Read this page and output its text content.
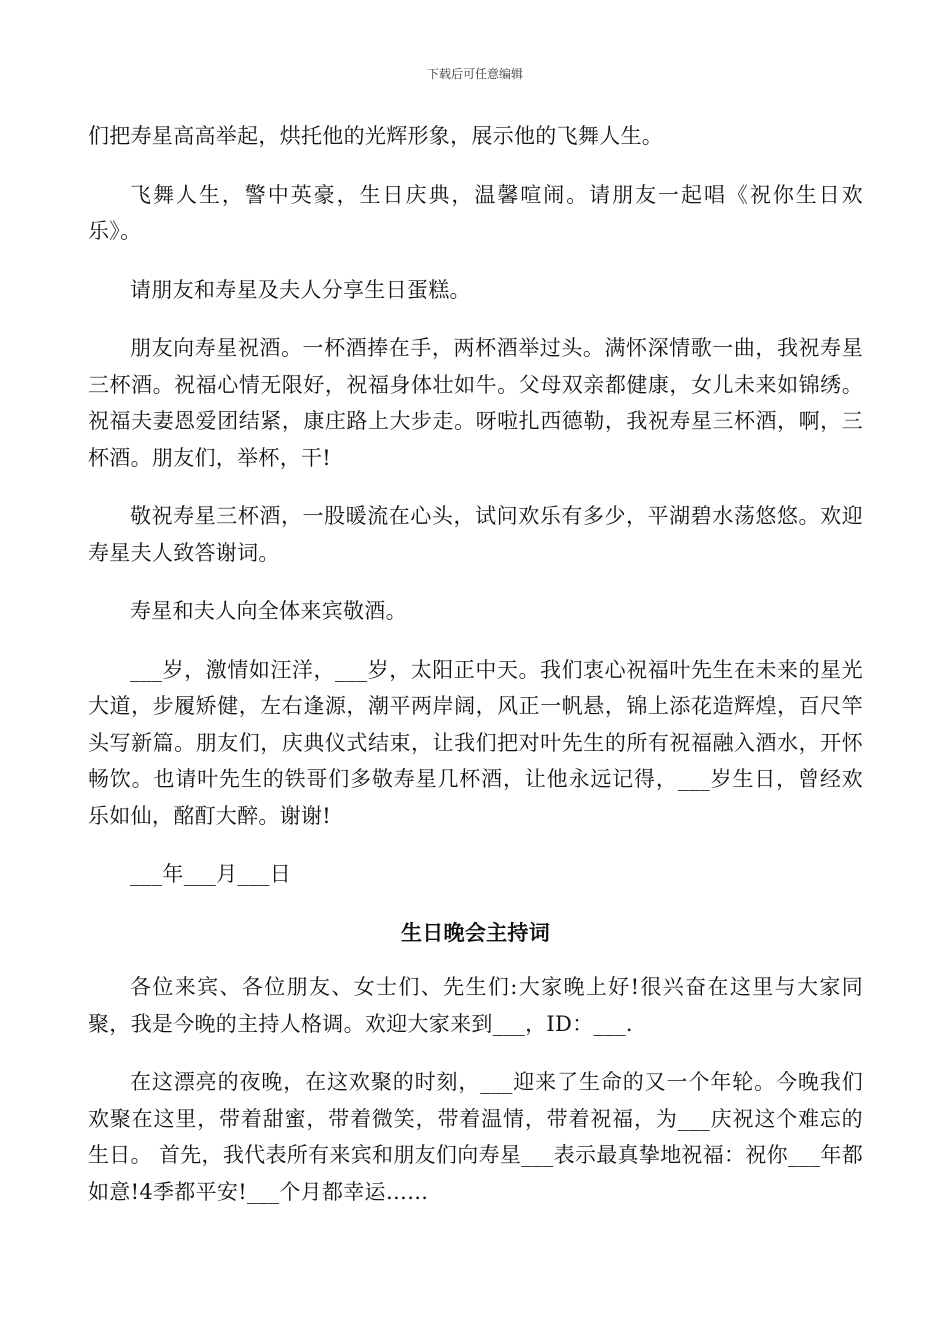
下载后可任意编辑

们把寿星高高举起，烘托他的光辉形象，展示他的飞舞人生。

飞舞人生，警中英豪，生日庆典，温馨喧闹。请朋友一起唱《祝你生日欢乐》。

请朋友和寿星及夫人分享生日蛋糕。

朋友向寿星祝酒。一杯酒捧在手，两杯酒举过头。满怀深情歌一曲，我祝寿星三杯酒。祝福心情无限好，祝福身体壮如牛。父母双亲都健康，女儿未来如锦绣。祝福夫妻恩爱团结紧，康庄路上大步走。呀啦扎西德勒，我祝寿星三杯酒，啊，三杯酒。朋友们，举杯，干!

敬祝寿星三杯酒，一股暖流在心头，试问欢乐有多少，平湖碧水荡悠悠。欢迎寿星夫人致答谢词。

寿星和夫人向全体来宾敬酒。

___岁，激情如汪洋，___岁，太阳正中天。我们衷心祝福叶先生在未来的星光大道，步履矫健，左右逢源，潮平两岸阔，风正一帆悬，锦上添花造辉煌，百尺竿头写新篇。朋友们，庆典仪式结束，让我们把对叶先生的所有祝福融入酒水，开怀畅饮。也请叶先生的铁哥们多敬寿星几杯酒，让他永远记得，___岁生日，曾经欢乐如仙，酩酊大醉。谢谢!

___年___月___日

生日晚会主持词

各位来宾、各位朋友、女士们、先生们:大家晚上好!很兴奋在这里与大家同聚，我是今晚的主持人格调。欢迎大家来到___，ID：___.

在这漂亮的夜晚，在这欢聚的时刻，___迎来了生命的又一个年轮。今晚我们欢聚在这里，带着甜蜜，带着微笑，带着温情，带着祝福，为___庆祝这个难忘的生日。 首先，我代表所有来宾和朋友们向寿星___表示最真挚地祝福：祝你___年都如意!4季都平安!___个月都幸运……
